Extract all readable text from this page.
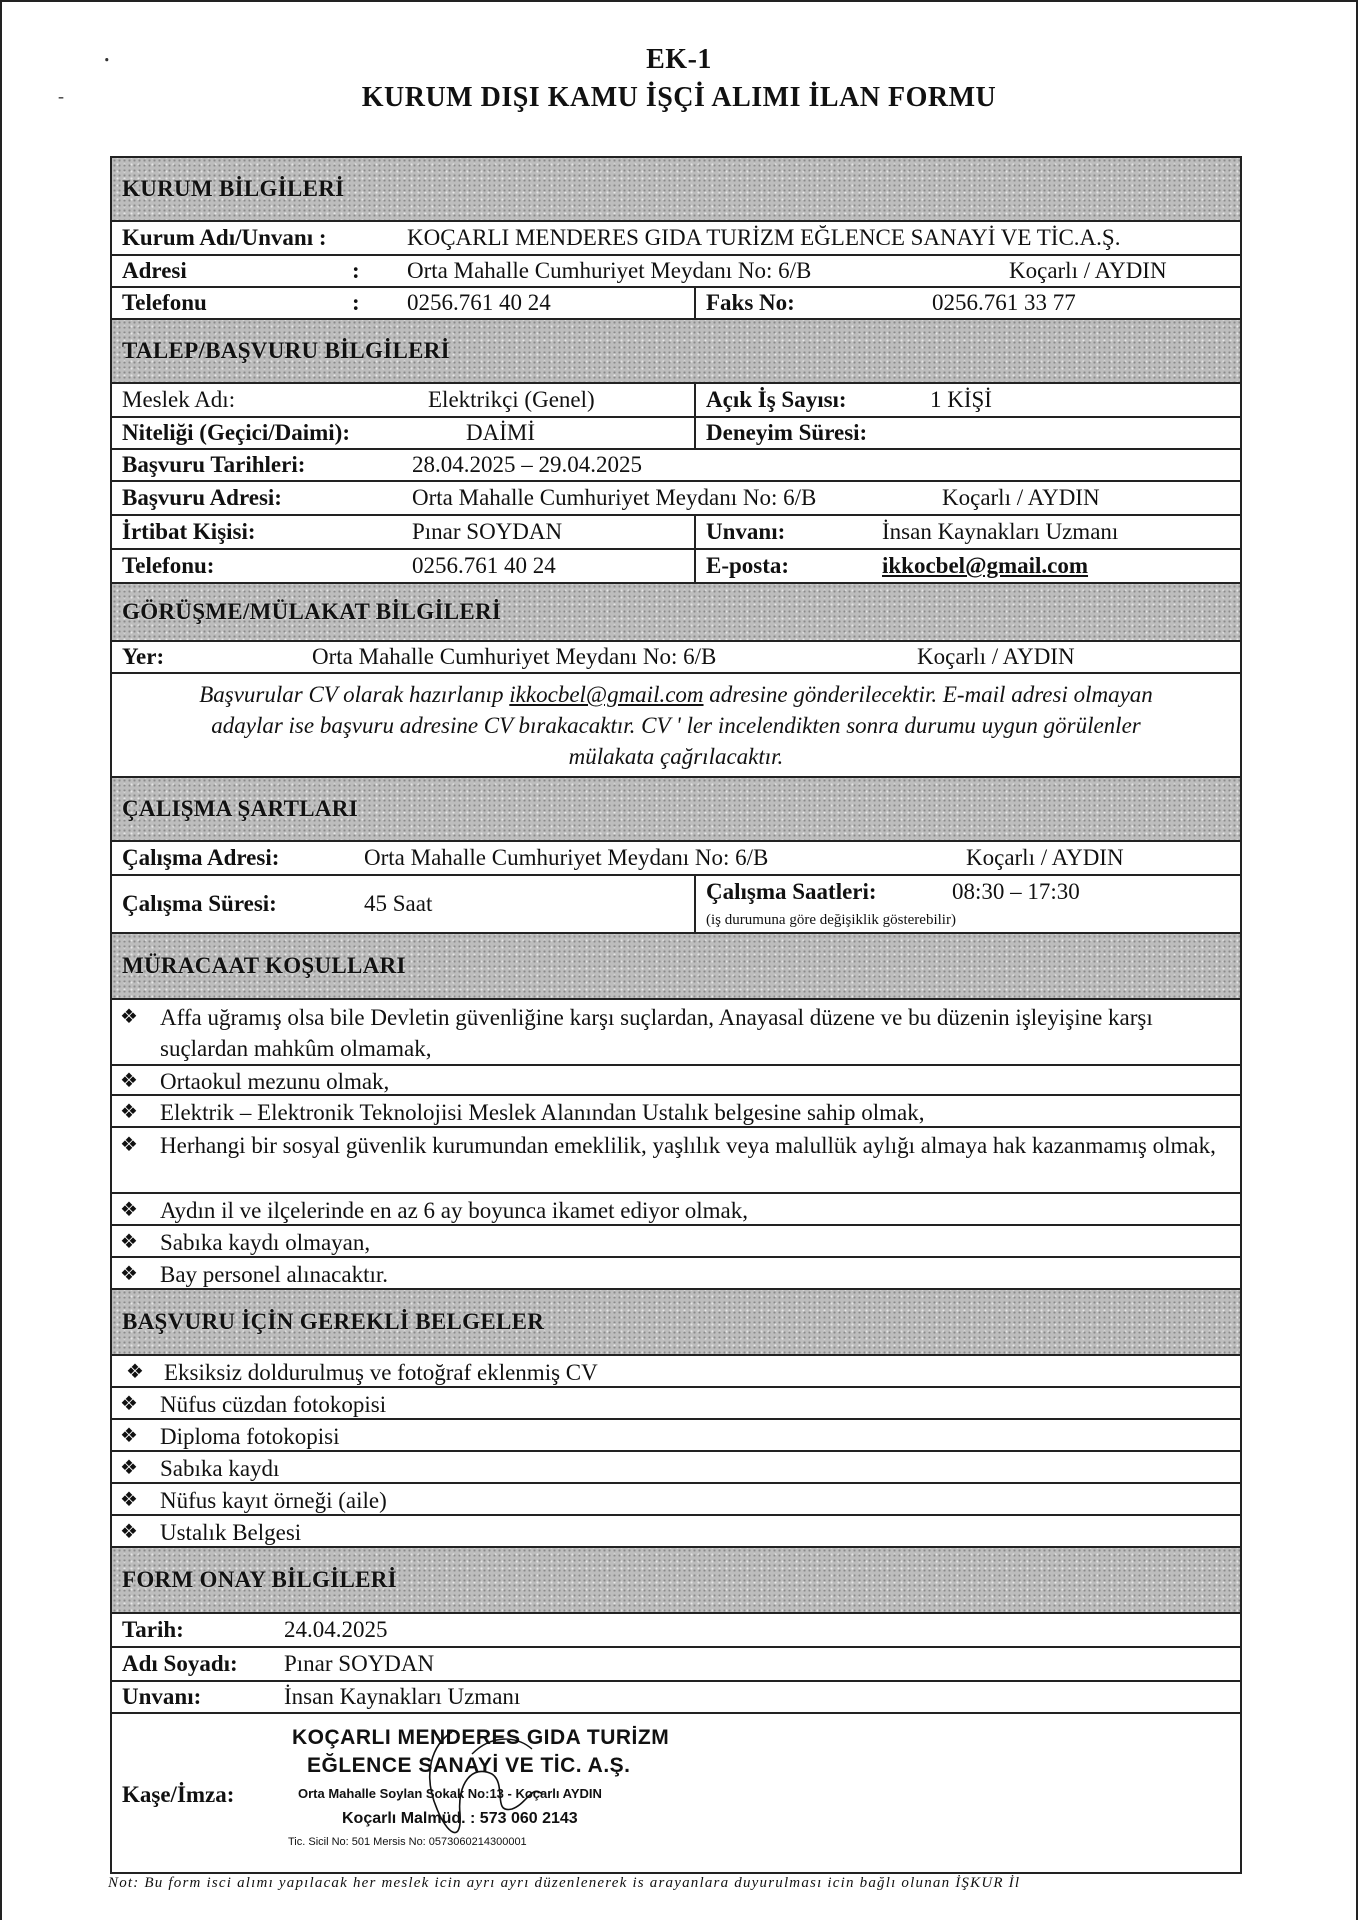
ꞏ
-
EK-1
KURUM DIŞI KAMU İŞÇİ ALIMI İLAN FORMU
KURUM BİLGİLERİ
Kurum Adı/Unvanı :	KOÇARLI MENDERES GIDA TURİZM EĞLENCE SANAYİ VE TİC.A.Ş.
Adresi	: Orta Mahalle Cumhuriyet Meydanı No: 6/B	Koçarlı / AYDIN
Telefonu	: 0256.761 40 24	Faks No:	0256.761 33 77
TALEP/BAŞVURU BİLGİLERİ
Meslek Adı:	Elektrikçi (Genel)	Açık İş Sayısı:	1 KİŞİ
Niteliği (Geçici/Daimi):	DAİMİ	Deneyim Süresi:
Başvuru Tarihleri:	28.04.2025 – 29.04.2025
Başvuru Adresi:	Orta Mahalle Cumhuriyet Meydanı No: 6/B	Koçarlı / AYDIN
İrtibat Kişisi:	Pınar SOYDAN	Unvanı:	İnsan Kaynakları Uzmanı
Telefonu:	0256.761 40 24	E-posta:	ikkocbel@gmail.com
GÖRÜŞME/MÜLAKAT BİLGİLERİ
Yer:	Orta Mahalle Cumhuriyet Meydanı No: 6/B	Koçarlı / AYDIN
Başvurular CV olarak hazırlanıp ikkocbel@gmail.com adresine gönderilecektir. E-mail adresi olmayan
adaylar ise başvuru adresine CV bırakacaktır. CV ' ler incelendikten sonra durumu uygun görülenler
mülakata çağrılacaktır.
ÇALIŞMA ŞARTLARI
Çalışma Adresi:	Orta Mahalle Cumhuriyet Meydanı No: 6/B	Koçarlı / AYDIN
Çalışma Süresi:	45 Saat	Çalışma Saatleri:	08:30 – 17:30
(iş durumuna göre değişiklik gösterebilir)
MÜRACAAT KOŞULLARI
❖ Affa uğramış olsa bile Devletin güvenliğine karşı suçlardan, Anayasal düzene ve bu düzenin işleyişine karşı suçlardan mahkûm olmamak,
❖ Ortaokul mezunu olmak,
❖ Elektrik – Elektronik Teknolojisi Meslek Alanından Ustalık belgesine sahip olmak,
❖ Herhangi bir sosyal güvenlik kurumundan emeklilik, yaşlılık veya malullük aylığı almaya hak kazanmamış olmak,
❖ Aydın il ve ilçelerinde en az 6 ay boyunca ikamet ediyor olmak,
❖ Sabıka kaydı olmayan,
❖ Bay personel alınacaktır.
BAŞVURU İÇİN GEREKLİ BELGELER
❖ Eksiksiz doldurulmuş ve fotoğraf eklenmiş CV
❖ Nüfus cüzdan fotokopisi
❖ Diploma fotokopisi
❖ Sabıka kaydı
❖ Nüfus kayıt örneği (aile)
❖ Ustalık Belgesi
FORM ONAY BİLGİLERİ
Tarih:	24.04.2025
Adı Soyadı: Pınar SOYDAN
Unvanı:	İnsan Kaynakları Uzmanı
Kaşe/İmza:
KOÇARLI MENDERES GIDA TURİZM
EĞLENCE SANAYİ VE TİC. A.Ş.
Orta Mahalle Soylan Sokak No:13 - Koçarlı AYDIN
Koçarlı Malmüd. : 573 060 2143
Tic. Sicil No: 501 Mersis No: 0573060214300001
Not: Bu form isci alımı yapılacak her meslek icin ayrı ayrı düzenlenerek is arayanlara duyurulması icin bağlı olunan İŞKUR İl
